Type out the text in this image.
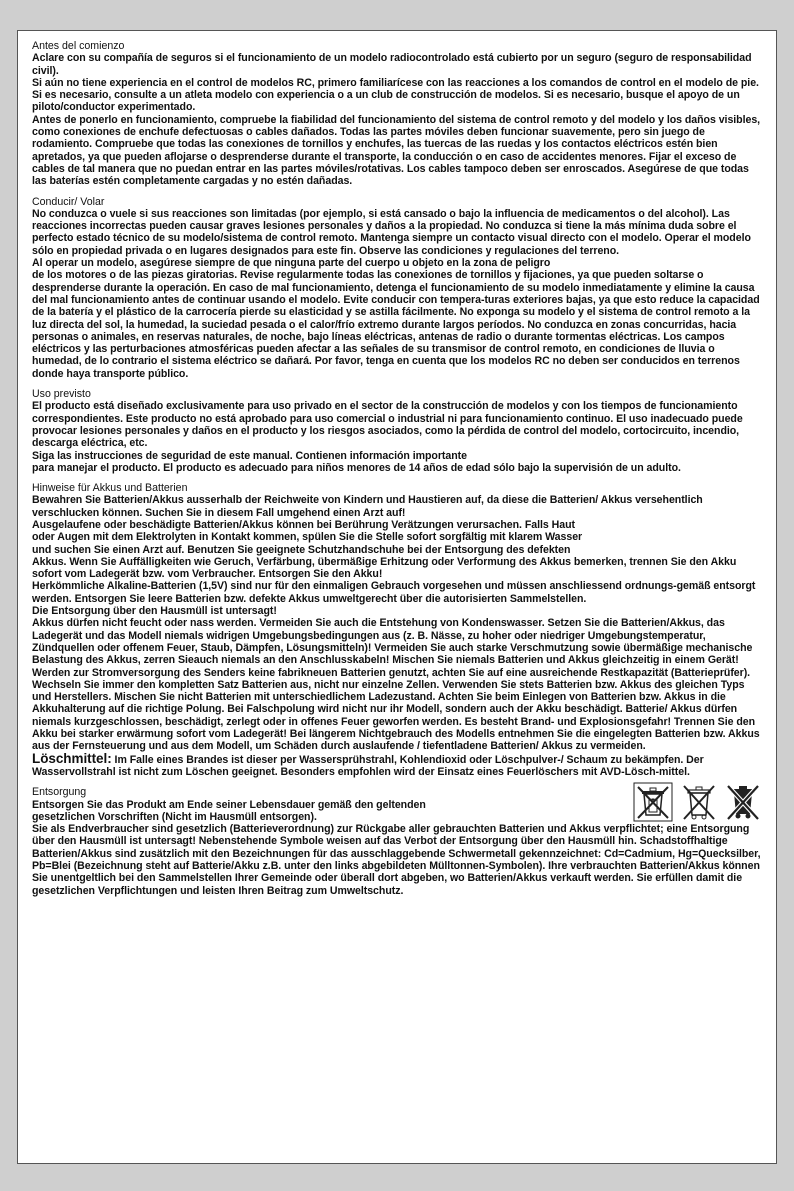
Antes del comienzo
Aclare con su compañía de seguros si el funcionamiento de un modelo radiocontrolado está cubierto por un seguro (seguro de responsabilidad civil).
Si aún no tiene experiencia en el control de modelos RC, primero familiarícese con las reacciones a los comandos de control en el modelo de pie. Si es necesario, consulte a un atleta modelo con experiencia o a un club de construcción de modelos. Si es necesario, busque el apoyo de un piloto/conductor experimentado.
Antes de ponerlo en funcionamiento, compruebe la fiabilidad del funcionamiento del sistema de control remoto y del modelo y los daños visibles, como conexiones de enchufe defectuosas o cables dañados. Todas las partes móviles deben funcionar suavemente, pero sin juego de rodamiento. Compruebe que todas las conexiones de tornillos y enchufes, las tuercas de las ruedas y los contactos eléctricos estén bien apretados, ya que pueden aflojarse o desprenderse durante el transporte, la conducción o en caso de accidentes menores. Fijar el exceso de cables de tal manera que no puedan entrar en las partes móviles/rotativas. Los cables tampoco deben ser enroscados. Asegúrese de que todas las baterías estén completamente cargadas y no estén dañadas.
Conducir/ Volar
No conduzca o vuele si sus reacciones son limitadas (por ejemplo, si está cansado o bajo la influencia de medicamentos o del alcohol). Las reacciones incorrectas pueden causar graves lesiones personales y daños a la propiedad. No conduzca si tiene la más mínima duda sobre el perfecto estado técnico de su modelo/sistema de control remoto. Mantenga siempre un contacto visual directo con el modelo. Operar el modelo sólo en propiedad privada o en lugares designados para este fin. Observe las condiciones y regulaciones del terreno.
Al operar un modelo, asegúrese siempre de que ninguna parte del cuerpo u objeto en la zona de peligro
de los motores o de las piezas giratorias. Revise regularmente todas las conexiones de tornillos y fijaciones, ya que pueden soltarse o desprenderse durante la operación. En caso de mal funcionamiento, detenga el funcionamiento de su modelo inmediatamente y elimine la causa del mal funcionamiento antes de continuar usando el modelo. Evite conducir con tempera-turas exteriores bajas, ya que esto reduce la capacidad de la batería y el plástico de la carrocería pierde su elasticidad y se astilla fácilmente. No exponga su modelo y el sistema de control remoto a la luz directa del sol, la humedad, la suciedad pesada o el calor/frío extremo durante largos períodos. No conduzca en zonas concurridas, hacia personas o animales, en reservas naturales, de noche, bajo líneas eléctricas, antenas de radio o durante tormentas eléctricas. Los campos eléctricos y las perturbaciones atmosféricas pueden afectar a las señales de su transmisor de control remoto, en condiciones de lluvia o humedad, de lo contrario el sistema eléctrico se dañará. Por favor, tenga en cuenta que los modelos RC no deben ser conducidos en terrenos donde haya transporte público.
Uso previsto
El producto está diseñado exclusivamente para uso privado en el sector de la construcción de modelos y con los tiempos de funcionamiento correspondientes. Este producto no está aprobado para uso comercial o industrial ni para funcionamiento continuo. El uso inadecuado puede provocar lesiones personales y daños en el producto y los riesgos asociados, como la pérdida de control del modelo, cortocircuito, incendio, descarga eléctrica, etc.
Siga las instrucciones de seguridad de este manual. Contienen información importante
para manejar el producto. El producto es adecuado para niños menores de 14 años de edad sólo bajo la supervisión de un adulto.
Hinweise für Akkus und Batterien
Bewahren Sie Batterien/Akkus ausserhalb der Reichweite von Kindern und Haustieren auf, da diese die Batterien/ Akkus versehentlich verschlucken können. Suchen Sie in diesem Fall umgehend einen Arzt auf!
Ausgelaufene oder beschädigte Batterien/Akkus können bei Berührung Verätzungen verursachen. Falls Haut
oder Augen mit dem Elektrolyten in Kontakt kommen, spülen Sie die Stelle sofort sorgfältig mit klarem Wasser
und suchen Sie einen Arzt auf. Benutzen Sie geeignete Schutzhandschuhe bei der Entsorgung des defekten
Akkus. Wenn Sie Auffälligkeiten wie Geruch, Verfärbung, übermäßige Erhitzung oder Verformung des Akkus bemerken, trennen Sie den Akku sofort vom Ladegerät bzw. vom Verbraucher. Entsorgen Sie den Akku!
Herkömmliche Alkaline-Batterien (1,5V) sind nur für den einmaligen Gebrauch vorgesehen und müssen anschliessend ordnungs-gemäß entsorgt werden. Entsorgen Sie leere Batterien bzw. defekte Akkus umweltgerecht über die autorisierten Sammelstellen.
Die Entsorgung über den Hausmüll ist untersagt!
Akkus dürfen nicht feucht oder nass werden. Vermeiden Sie auch die Entstehung von Kondenswasser. Setzen Sie die Batterien/Akkus, das Ladegerät und das Modell niemals widrigen Umgebungsbedingungen aus (z. B. Nässe, zu hoher oder niedriger Umgebungstemperatur, Zündquellen oder offenem Feuer, Staub, Dämpfen, Lösungsmitteln)! Vermeiden Sie auch starke Verschmutzung sowie übermäßige mechanische Belastung des Akkus, zerren Sieauch niemals an den Anschlusskabeln! Mischen Sie niemals Batterien und Akkus gleichzeitig in einem Gerät! Werden zur Stromversorgung des Senders keine fabrikneuen Batterien genutzt, achten Sie auf eine ausreichende Restkapazität (Batterieprüfer). Wechseln Sie immer den kompletten Satz Batterien aus, nicht nur einzelne Zellen. Verwenden Sie stets Batterien bzw. Akkus des gleichen Typs und Herstellers. Mischen Sie nicht Batterien mit unterschiedlichem Ladezustand. Achten Sie beim Einlegen von Batterien bzw. Akkus in die Akkuhalterung auf die richtige Polung. Bei Falschpolung wird nicht nur ihr Modell, sondern auch der Akku beschädigt. Batterie/ Akkus dürfen niemals kurzgeschlossen, beschädigt, zerlegt oder in offenes Feuer geworfen werden. Es besteht Brand- und Explosionsgefahr! Trennen Sie den Akku bei starker erwärmung sofort vom Ladegerät! Bei längerem Nichtgebrauch des Modells entnehmen Sie die eingelegten Batterien bzw. Akkus aus der Fernsteuerung und aus dem Modell, um Schäden durch auslaufende / tiefentladene Batterien/ Akkus zu vermeiden.
Löschmittel: Im Falle eines Brandes ist dieser per Wassersprühstrahl, Kohlendioxid oder Löschpulver-/ Schaum zu bekämpfen. Der Wasservollstrahl ist nicht zum Löschen geeignet. Besonders empfohlen wird der Einsatz eines Feuerlöschers mit AVD-Lösch-mittel.
Entsorgung
Entsorgen Sie das Produkt am Ende seiner Lebensdauer gemäß den geltenden
gesetzlichen Vorschriften (Nicht im Hausmüll entsorgen).
Sie als Endverbraucher sind gesetzlich (Batterieverordnung) zur Rückgabe aller gebrauchten Batterien und Akkus verpflichtet; eine Entsorgung über den Hausmüll ist untersagt! Nebenstehende Symbole weisen auf das Verbot der Entsorgung über den Hausmüll hin. Schadstoffhaltige Batterien/Akkus sind zusätzlich mit den Bezeichnungen für das ausschlaggebende Schwermetall gekennzeichnet: Cd=Cadmium, Hg=Quecksilber, Pb=Blei (Bezeichnung steht auf Batterie/Akku z.B. unter den links abgebildeten Mülltonnen-Symbolen). Ihre verbrauchten Batterien/Akkus können Sie unentgeltlich bei den Sammelstellen Ihrer Gemeinde oder überall dort abgeben, wo Batterien/Akkus verkauft werden. Sie erfüllen damit die gesetzlichen Verpflichtungen und leisten Ihren Beitrag zum Umweltschutz.
